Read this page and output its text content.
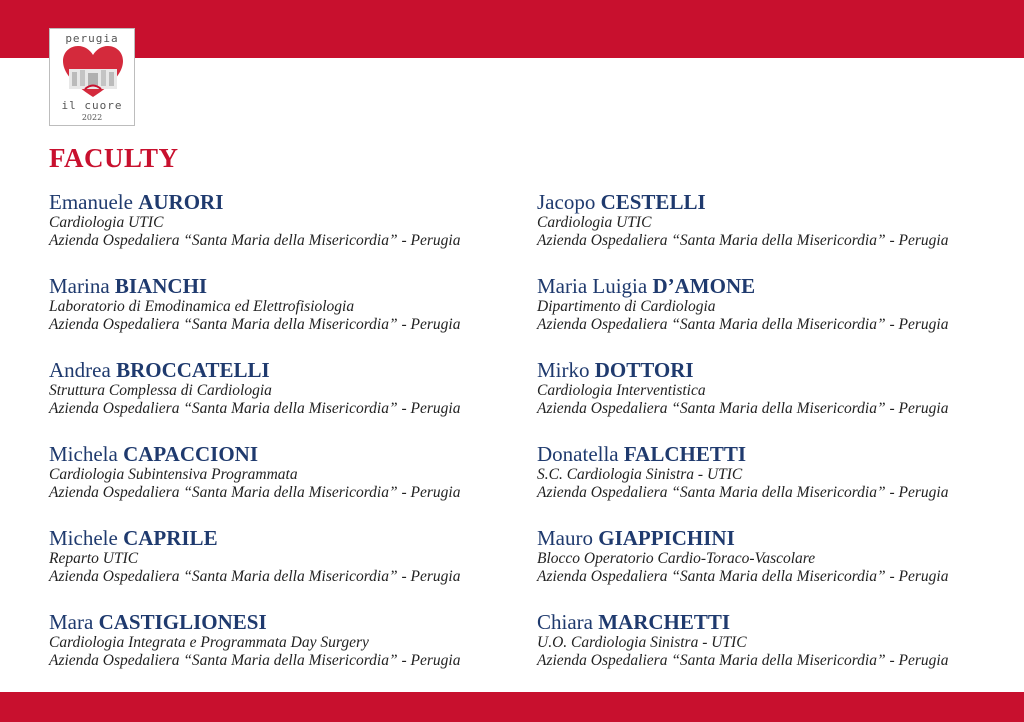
perugia
il cuore
2022
FACULTY
Emanuele AURORI
Cardiologia UTIC
Azienda Ospedaliera “Santa Maria della Misericordia” - Perugia
Marina BIANCHI
Laboratorio di Emodinamica ed Elettrofisiologia
Azienda Ospedaliera “Santa Maria della Misericordia” - Perugia
Andrea BROCCATELLI
Struttura Complessa di Cardiologia
Azienda Ospedaliera “Santa Maria della Misericordia” - Perugia
Michela CAPACCIONI
Cardiologia Subintensiva Programmata
Azienda Ospedaliera “Santa Maria della Misericordia” - Perugia
Michele CAPRILE
Reparto UTIC
Azienda Ospedaliera “Santa Maria della Misericordia” - Perugia
Mara CASTIGLIONESI
Cardiologia Integrata e Programmata Day Surgery
Azienda Ospedaliera “Santa Maria della Misericordia” - Perugia
Jacopo CESTELLI
Cardiologia UTIC
Azienda Ospedaliera “Santa Maria della Misericordia” - Perugia
Maria Luigia D’AMONE
Dipartimento di Cardiologia
Azienda Ospedaliera “Santa Maria della Misericordia” - Perugia
Mirko DOTTORI
Cardiologia Interventistica
Azienda Ospedaliera “Santa Maria della Misericordia” - Perugia
Donatella FALCHETTI
S.C. Cardiologia Sinistra - UTIC
Azienda Ospedaliera “Santa Maria della Misericordia” - Perugia
Mauro GIAPPICHINI
Blocco Operatorio Cardio-Toraco-Vascolare
Azienda Ospedaliera “Santa Maria della Misericordia” - Perugia
Chiara MARCHETTI
U.O. Cardiologia Sinistra - UTIC
Azienda Ospedaliera “Santa Maria della Misericordia” - Perugia
